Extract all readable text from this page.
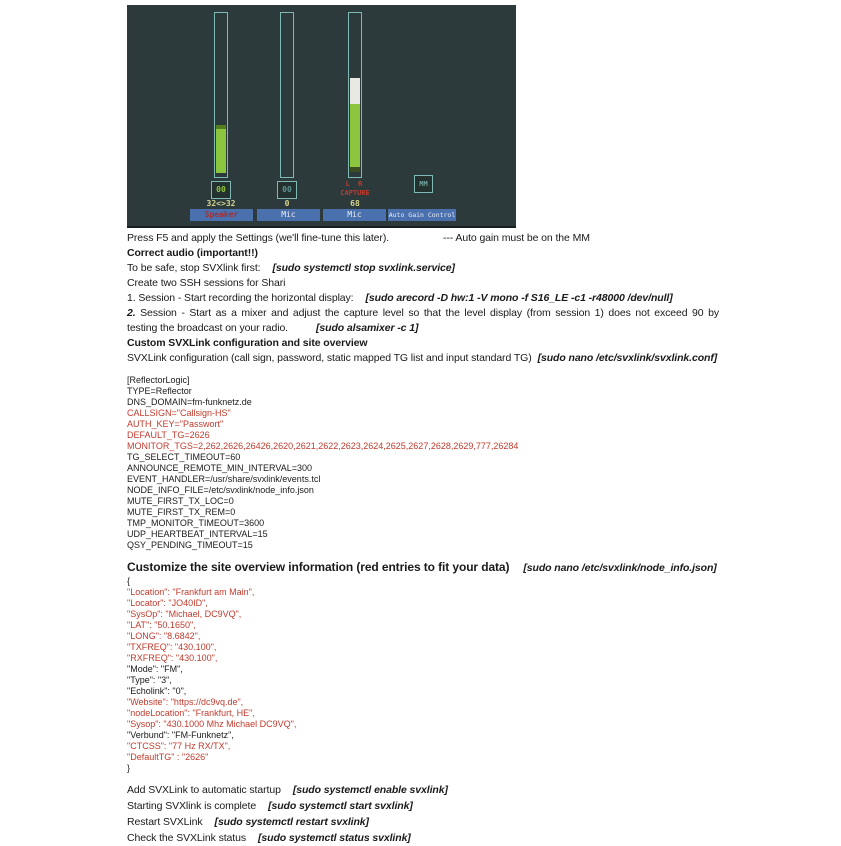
00	00
L R
CAPTURE
MM
32<>32	0	68
Speaker	Mic	Mic	Auto Gain Control
Press F5 and apply the Settings (we'll fine-tune this later).	--- Auto gain must be on the MM
Correct audio (important!!)
To be safe, stop SVXlink first: [sudo systemctl stop svxlink.service]
Create two SSH sessions for Shari
1. Session - Start recording the horizontal display: [sudo arecord -D hw:1 -V mono -f S16_LE -c1 -r48000 /dev/null]
2. Session - Start as a mixer and adjust the capture level so that the level display (from session 1) does not exceed 90 by
testing the broadcast on your radio.	[sudo alsamixer -c 1]
Custom SVXLink configuration and site overview
SVXLink configuration (call sign, password, static mapped TG list and input standard TG) [sudo nano /etc/svxlink/svxlink.conf]
[ReflectorLogic]
TYPE=Reflector
DNS_DOMAIN=fm-funknetz.de
CALLSIGN="Callsign-HS"
AUTH_KEY="Passwort"
DEFAULT_TG=2626
MONITOR_TGS=2,262,2626,26426,2620,2621,2622,2623,2624,2625,2627,2628,2629,777,26284
TG_SELECT_TIMEOUT=60
ANNOUNCE_REMOTE_MIN_INTERVAL=300
EVENT_HANDLER=/usr/share/svxlink/events.tcl
NODE_INFO_FILE=/etc/svxlink/node_info.json
MUTE_FIRST_TX_LOC=0
MUTE_FIRST_TX_REM=0
TMP_MONITOR_TIMEOUT=3600
UDP_HEARTBEAT_INTERVAL=15
QSY_PENDING_TIMEOUT=15
Customize the site overview information (red entries to fit your data) [sudo nano /etc/svxlink/node_info.json]
{
"Location": "Frankfurt am Main",
"Locator": "JO40ID",
"SysOp": "Michael, DC9VQ",
"LAT": "50.1650",
"LONG": "8.6842",
"TXFREQ": "430.100",
"RXFREQ": "430.100",
"Mode": "FM",
"Type": "3",
"Echolink": "0",
"Website": "https://dc9vq.de",
"nodeLocation": "Frankfurt, HE",
"Sysop": "430.1000 Mhz Michael DC9VQ",
"Verbund": "FM-Funknetz",
"CTCSS": "77 Hz RX/TX",
"DefaultTG" : "2626"
}
Add SVXLink to automatic startup [sudo systemctl enable svxlink]
Starting SVXlink is complete [sudo systemctl start svxlink]
Restart SVXLink [sudo systemctl restart svxlink]
Check the SVXLink status [sudo systemctl status svxlink]
